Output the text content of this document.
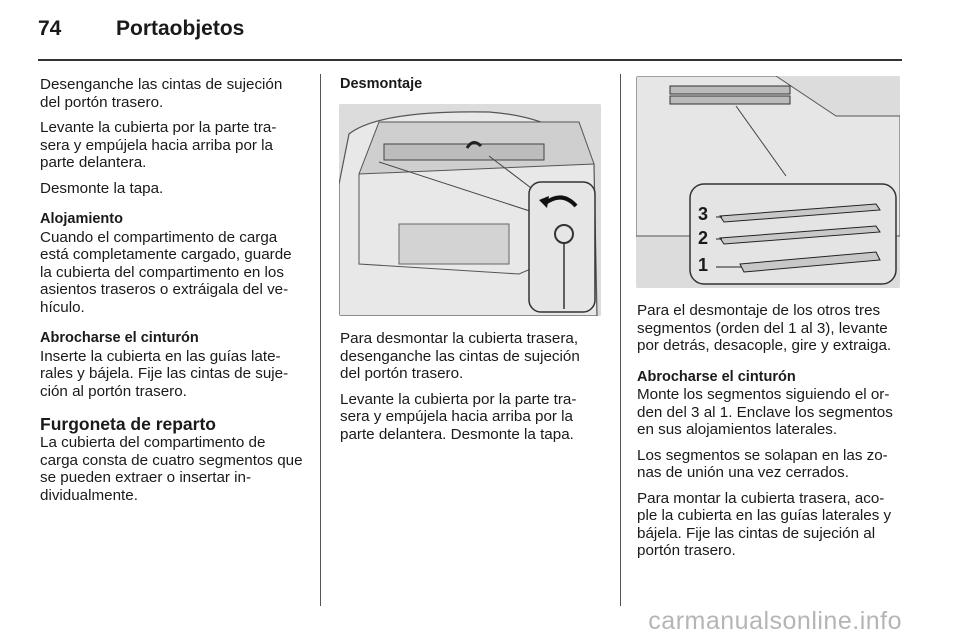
74	Portaobjetos

Desenganche las cintas de sujeción del portón trasero.

Levante la cubierta por la parte tra-sera y empújela hacia arriba por la parte delantera.

Desmonte la tapa.

Alojamiento

Cuando el compartimento de carga está completamente cargado, guarde la cubierta del compartimento en los asientos traseros o extráigala del ve-hículo.

Abrocharse el cinturón

Inserte la cubierta en las guías late-rales y bájela. Fije las cintas de suje-ción al portón trasero.

Furgoneta de reparto

La cubierta del compartimento de carga consta de cuatro segmentos que se pueden extraer o insertar in-dividualmente.

Desmontaje

Para desmontar la cubierta trasera, desenganche las cintas de sujeción del portón trasero.

Levante la cubierta por la parte tra-sera y empújela hacia arriba por la parte delantera. Desmonte la tapa.

3
2
1

Para el desmontaje de los otros tres segmentos (orden del 1 al 3), levante por detrás, desacople, gire y extraiga.

Abrocharse el cinturón

Monte los segmentos siguiendo el or-den del 3 al 1. Enclave los segmentos en sus alojamientos laterales.

Los segmentos se solapan en las zo-nas de unión una vez cerrados.

Para montar la cubierta trasera, aco-ple la cubierta en las guías laterales y bájela. Fije las cintas de sujeción al portón trasero.

carmanualsonline.info
